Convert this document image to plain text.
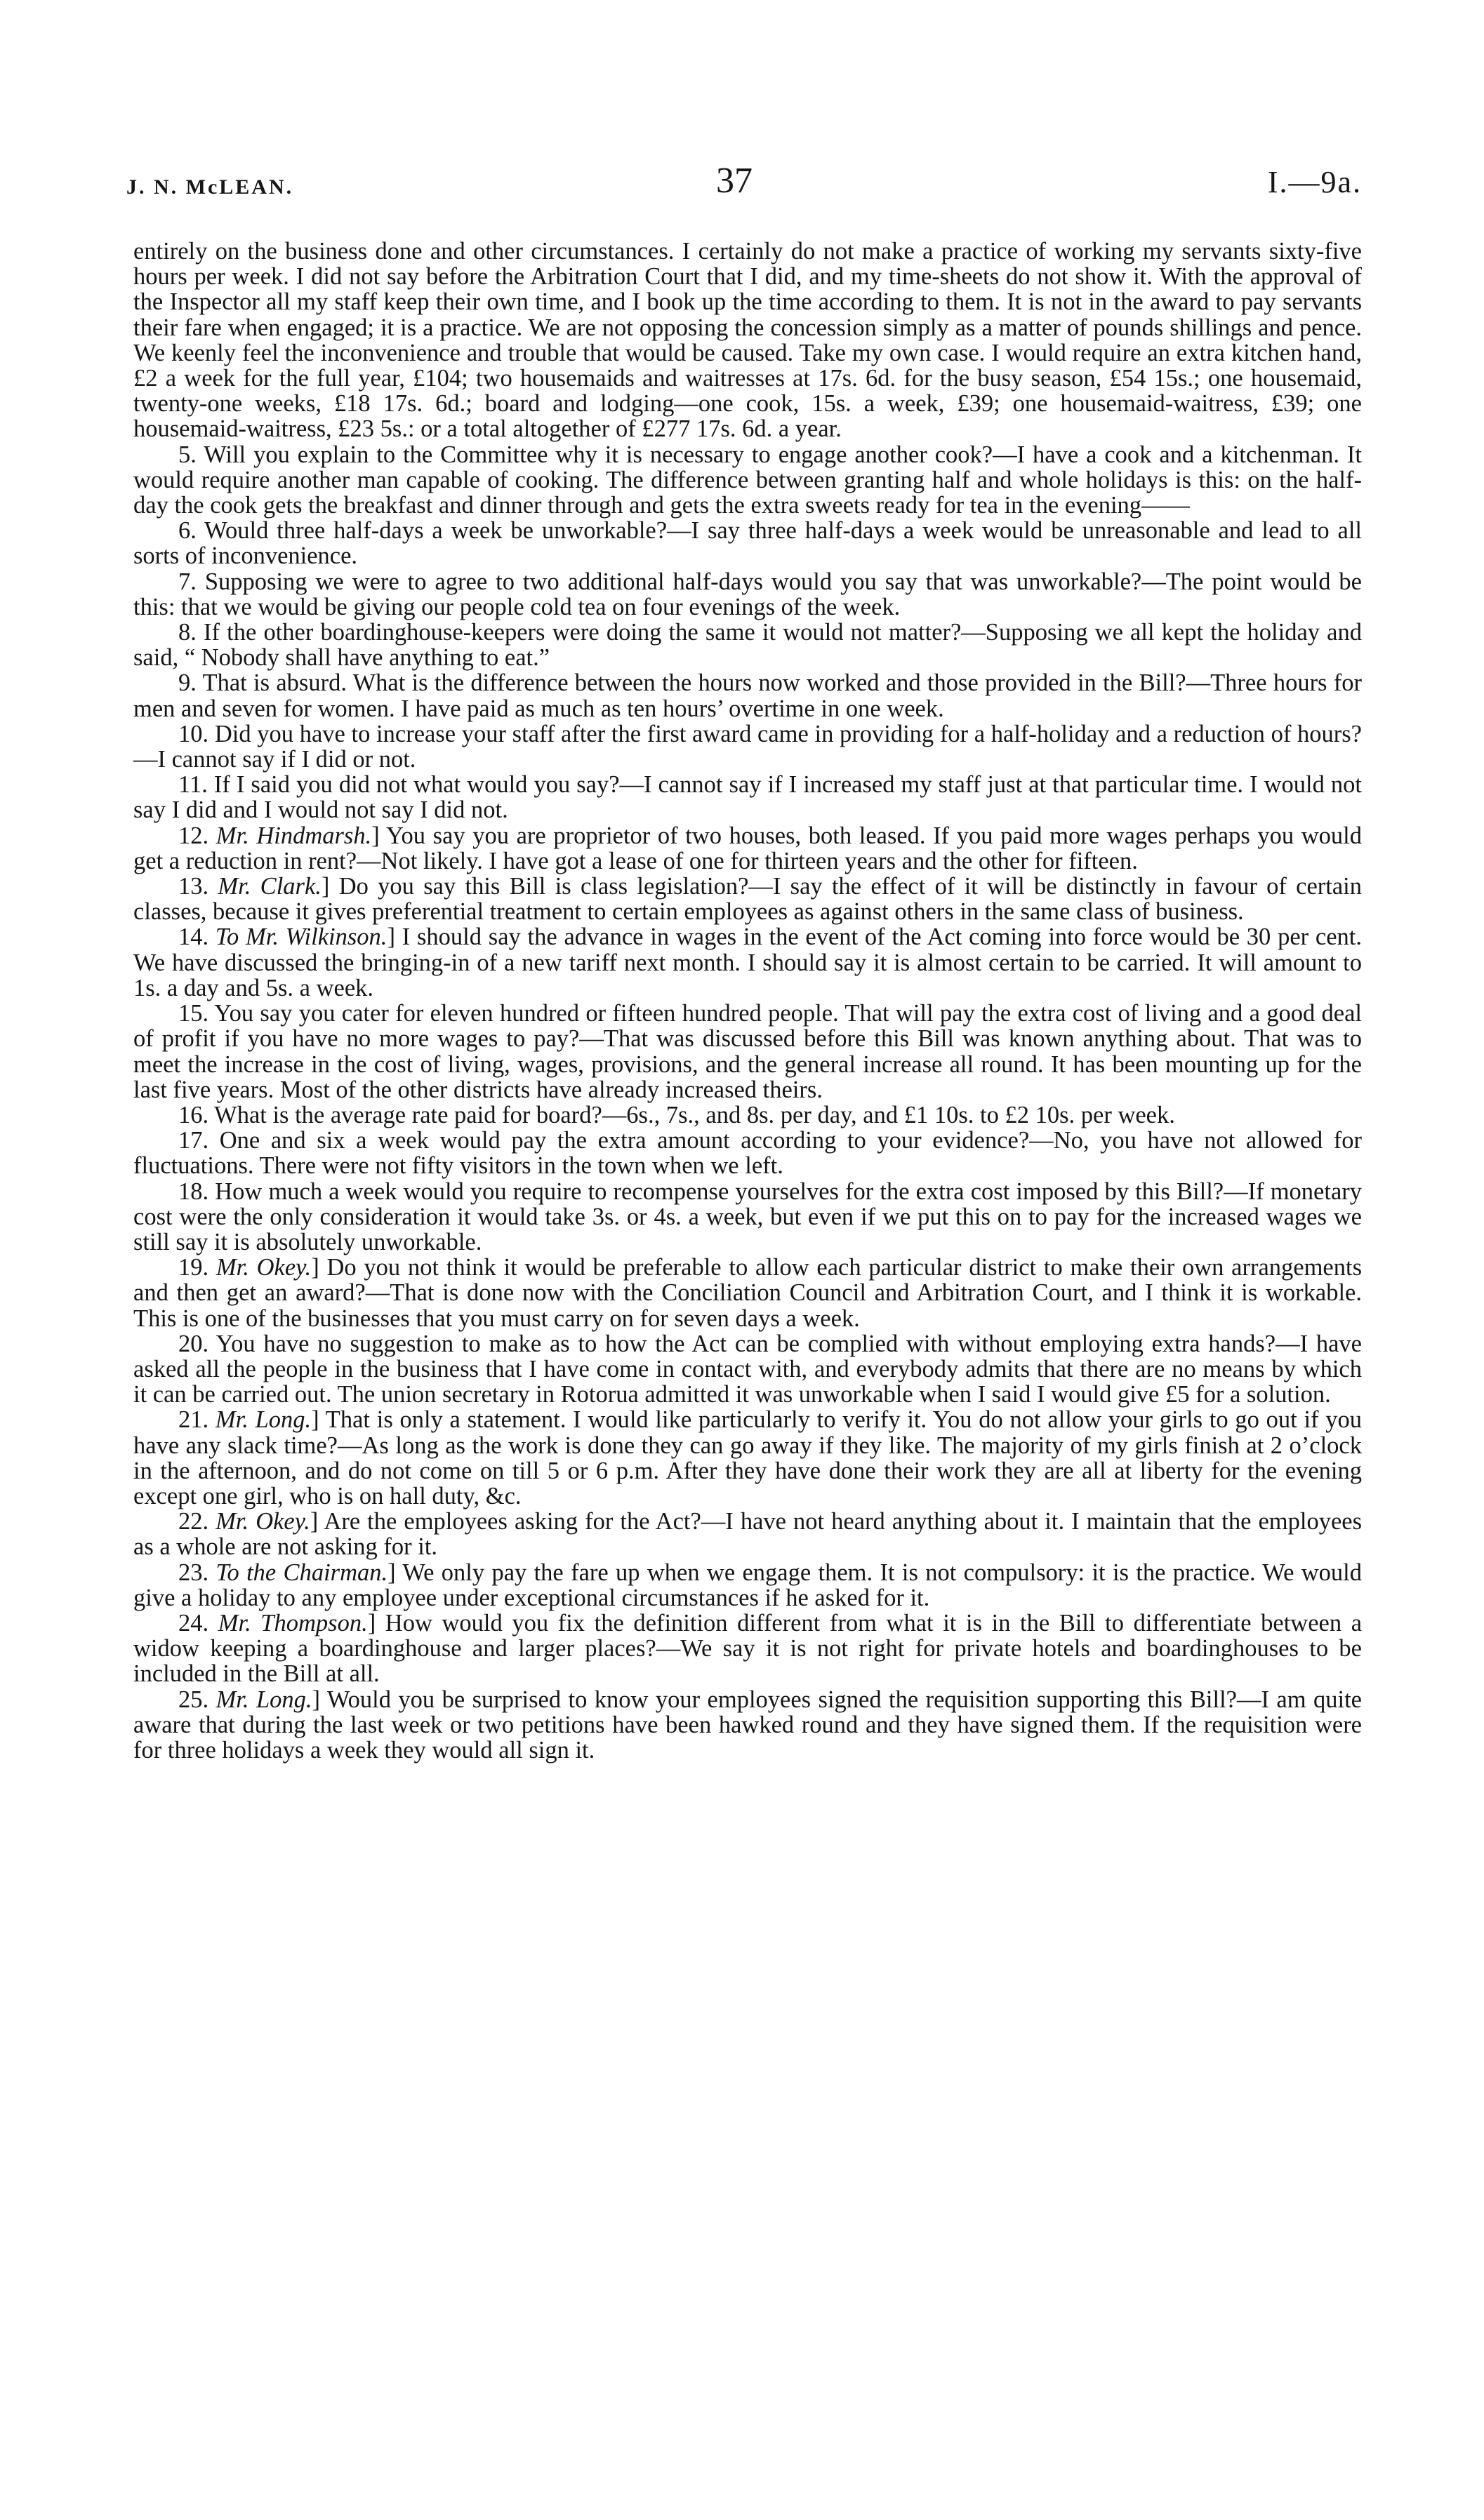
J. N. McLEAN.	37	I.—9a.

entirely on the business done and other circumstances. I certainly do not make a practice of working my servants sixty-five hours per week. I did not say before the Arbitration Court that I did, and my time-sheets do not show it. With the approval of the Inspector all my staff keep their own time, and I book up the time according to them. It is not in the award to pay servants their fare when engaged; it is a practice. We are not opposing the concession simply as a matter of pounds shillings and pence. We keenly feel the inconvenience and trouble that would be caused. Take my own case. I would require an extra kitchen hand, £2 a week for the full year, £104; two housemaids and waitresses at 17s. 6d. for the busy season, £54 15s.; one housemaid, twenty-one weeks, £18 17s. 6d.; board and lodging—one cook, 15s. a week, £39; one housemaid-waitress, £39; one housemaid-waitress, £23 5s.: or a total altogether of £277 17s. 6d. a year.

5. Will you explain to the Committee why it is necessary to engage another cook?—I have a cook and a kitchenman. It would require another man capable of cooking. The difference between granting half and whole holidays is this: on the half-day the cook gets the breakfast and dinner through and gets the extra sweets ready for tea in the evening——

6. Would three half-days a week be unworkable?—I say three half-days a week would be unreasonable and lead to all sorts of inconvenience.

7. Supposing we were to agree to two additional half-days would you say that was unworkable?—The point would be this: that we would be giving our people cold tea on four evenings of the week.

8. If the other boardinghouse-keepers were doing the same it would not matter?—Supposing we all kept the holiday and said, “ Nobody shall have anything to eat.”

9. That is absurd. What is the difference between the hours now worked and those provided in the Bill?—Three hours for men and seven for women. I have paid as much as ten hours’ overtime in one week.

10. Did you have to increase your staff after the first award came in providing for a half-holiday and a reduction of hours?—I cannot say if I did or not.

11. If I said you did not what would you say?—I cannot say if I increased my staff just at that particular time. I would not say I did and I would not say I did not.

12. Mr. Hindmarsh.] You say you are proprietor of two houses, both leased. If you paid more wages perhaps you would get a reduction in rent?—Not likely. I have got a lease of one for thirteen years and the other for fifteen.

13. Mr. Clark.] Do you say this Bill is class legislation?—I say the effect of it will be distinctly in favour of certain classes, because it gives preferential treatment to certain employees as against others in the same class of business.

14. To Mr. Wilkinson.] I should say the advance in wages in the event of the Act coming into force would be 30 per cent. We have discussed the bringing-in of a new tariff next month. I should say it is almost certain to be carried. It will amount to 1s. a day and 5s. a week.

15. You say you cater for eleven hundred or fifteen hundred people. That will pay the extra cost of living and a good deal of profit if you have no more wages to pay?—That was discussed before this Bill was known anything about. That was to meet the increase in the cost of living, wages, provisions, and the general increase all round. It has been mounting up for the last five years. Most of the other districts have already increased theirs.

16. What is the average rate paid for board?—6s., 7s., and 8s. per day, and £1 10s. to £2 10s. per week.

17. One and six a week would pay the extra amount according to your evidence?—No, you have not allowed for fluctuations. There were not fifty visitors in the town when we left.

18. How much a week would you require to recompense yourselves for the extra cost imposed by this Bill?—If monetary cost were the only consideration it would take 3s. or 4s. a week, but even if we put this on to pay for the increased wages we still say it is absolutely unworkable.

19. Mr. Okey.] Do you not think it would be preferable to allow each particular district to make their own arrangements and then get an award?—That is done now with the Conciliation Council and Arbitration Court, and I think it is workable. This is one of the businesses that you must carry on for seven days a week.

20. You have no suggestion to make as to how the Act can be complied with without employing extra hands?—I have asked all the people in the business that I have come in contact with, and everybody admits that there are no means by which it can be carried out. The union secretary in Rotorua admitted it was unworkable when I said I would give £5 for a solution.

21. Mr. Long.] That is only a statement. I would like particularly to verify it. You do not allow your girls to go out if you have any slack time?—As long as the work is done they can go away if they like. The majority of my girls finish at 2 o’clock in the afternoon, and do not come on till 5 or 6 p.m. After they have done their work they are all at liberty for the evening except one girl, who is on hall duty, &c.

22. Mr. Okey.] Are the employees asking for the Act?—I have not heard anything about it. I maintain that the employees as a whole are not asking for it.

23. To the Chairman.] We only pay the fare up when we engage them. It is not compulsory: it is the practice. We would give a holiday to any employee under exceptional circumstances if he asked for it.

24. Mr. Thompson.] How would you fix the definition different from what it is in the Bill to differentiate between a widow keeping a boardinghouse and larger places?—We say it is not right for private hotels and boardinghouses to be included in the Bill at all.

25. Mr. Long.] Would you be surprised to know your employees signed the requisition supporting this Bill?—I am quite aware that during the last week or two petitions have been hawked round and they have signed them. If the requisition were for three holidays a week they would all sign it.
